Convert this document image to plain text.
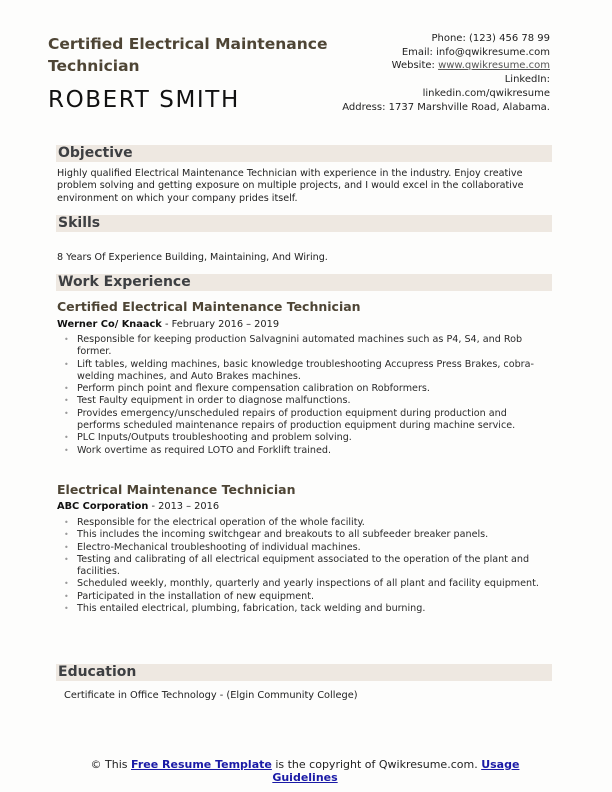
Certified Electrical Maintenance Technician
ROBERT SMITH
Phone: (123) 456 78 99
Email: info@qwikresume.com
Website: www.qwikresume.com
LinkedIn:
linkedin.com/qwikresume
Address: 1737 Marshville Road, Alabama.
Objective
Highly qualified Electrical Maintenance Technician with experience in the industry. Enjoy creative problem solving and getting exposure on multiple projects, and I would excel in the collaborative environment on which your company prides itself.
Skills
8 Years Of Experience Building, Maintaining, And Wiring.
Work Experience
Certified Electrical Maintenance Technician
Werner Co/ Knaack - February 2016 – 2019
• Responsible for keeping production Salvagnini automated machines such as P4, S4, and Rob former.
• Lift tables, welding machines, basic knowledge troubleshooting Accupress Press Brakes, cobra-welding machines, and Auto Brakes machines.
• Perform pinch point and flexure compensation calibration on Robformers.
• Test Faulty equipment in order to diagnose malfunctions.
• Provides emergency/unscheduled repairs of production equipment during production and performs scheduled maintenance repairs of production equipment during machine service.
• PLC Inputs/Outputs troubleshooting and problem solving.
• Work overtime as required LOTO and Forklift trained.
Electrical Maintenance Technician
ABC Corporation - 2013 – 2016
• Responsible for the electrical operation of the whole facility.
• This includes the incoming switchgear and breakouts to all subfeeder breaker panels.
• Electro-Mechanical troubleshooting of individual machines.
• Testing and calibrating of all electrical equipment associated to the operation of the plant and facilities.
• Scheduled weekly, monthly, quarterly and yearly inspections of all plant and facility equipment.
• Participated in the installation of new equipment.
• This entailed electrical, plumbing, fabrication, tack welding and burning.
Education
Certificate in Office Technology - (Elgin Community College)
© This Free Resume Template is the copyright of Qwikresume.com. Usage Guidelines
